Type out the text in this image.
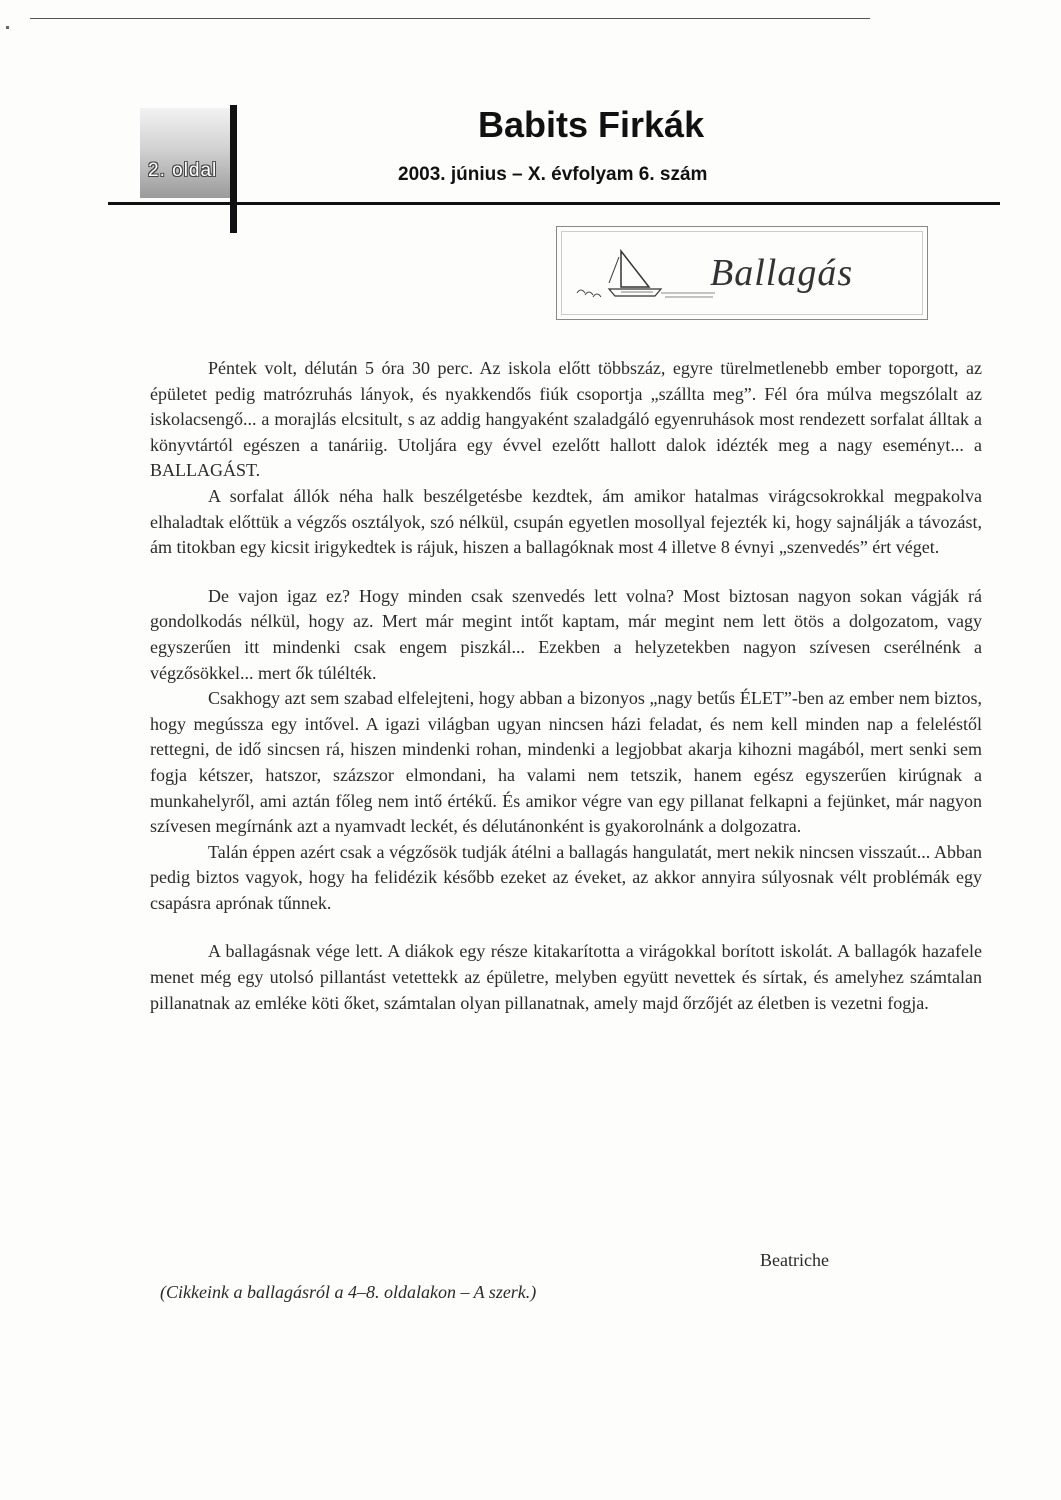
2. oldal
Babits Firkák
2003. június – X. évfolyam 6. szám
Ballagás

Péntek volt, délután 5 óra 30 perc. Az iskola előtt többszáz, egyre türelmetlenebb ember toporgott, az épületet pedig matrózruhás lányok, és nyakkendős fiúk csoportja „szállta meg”. Fél óra múlva megszólalt az iskolacsengő... a morajlás elcsitult, s az addig hangyaként szaladgáló egyenruhások most rendezett sorfalat álltak a könyvtártól egészen a tanáriig. Utoljára egy évvel ezelőtt hallott dalok idézték meg a nagy eseményt... a BALLAGÁST.

A sorfalat állók néha halk beszélgetésbe kezdtek, ám amikor hatalmas virágcsokrokkal megpakolva elhaladtak előttük a végzős osztályok, szó nélkül, csupán egyetlen mosollyal fejezték ki, hogy sajnálják a távozást, ám titokban egy kicsit irigykedtek is rájuk, hiszen a ballagóknak most 4 illetve 8 évnyi „szenvedés” ért véget.

De vajon igaz ez? Hogy minden csak szenvedés lett volna? Most biztosan nagyon sokan vágják rá gondolkodás nélkül, hogy az. Mert már megint intőt kaptam, már megint nem lett ötös a dolgozatom, vagy egyszerűen itt mindenki csak engem piszkál... Ezekben a helyzetekben nagyon szívesen cserélnénk a végzősökkel... mert ők túlélték.

Csakhogy azt sem szabad elfelejteni, hogy abban a bizonyos „nagy betűs ÉLET”-ben az ember nem biztos, hogy megússza egy intővel. A igazi világban ugyan nincsen házi feladat, és nem kell minden nap a feleléstől rettegni, de idő sincsen rá, hiszen mindenki rohan, mindenki a legjobbat akarja kihozni magából, mert senki sem fogja kétszer, hatszor, százszor elmondani, ha valami nem tetszik, hanem egész egyszerűen kirúgnak a munkahelyről, ami aztán főleg nem intő értékű. És amikor végre van egy pillanat felkapni a fejünket, már nagyon szívesen megírnánk azt a nyamvadt leckét, és délutánonként is gyakorolnánk a dolgozatra.

Talán éppen azért csak a végzősök tudják átélni a ballagás hangulatát, mert nekik nincsen visszaút... Abban pedig biztos vagyok, hogy ha felidézik később ezeket az éveket, az akkor annyira súlyosnak vélt problémák egy csapásra aprónak tűnnek.

A ballagásnak vége lett. A diákok egy része kitakarította a virágokkal borított iskolát. A ballagók hazafele menet még egy utolsó pillantást vetettekk az épületre, melyben együtt nevettek és sírtak, és amelyhez számtalan pillanatnak az emléke köti őket, számtalan olyan pillanatnak, amely majd őrzőjét az életben is vezetni fogja.

Beatriche
(Cikkeink a ballagásról a 4–8. oldalakon – A szerk.)
